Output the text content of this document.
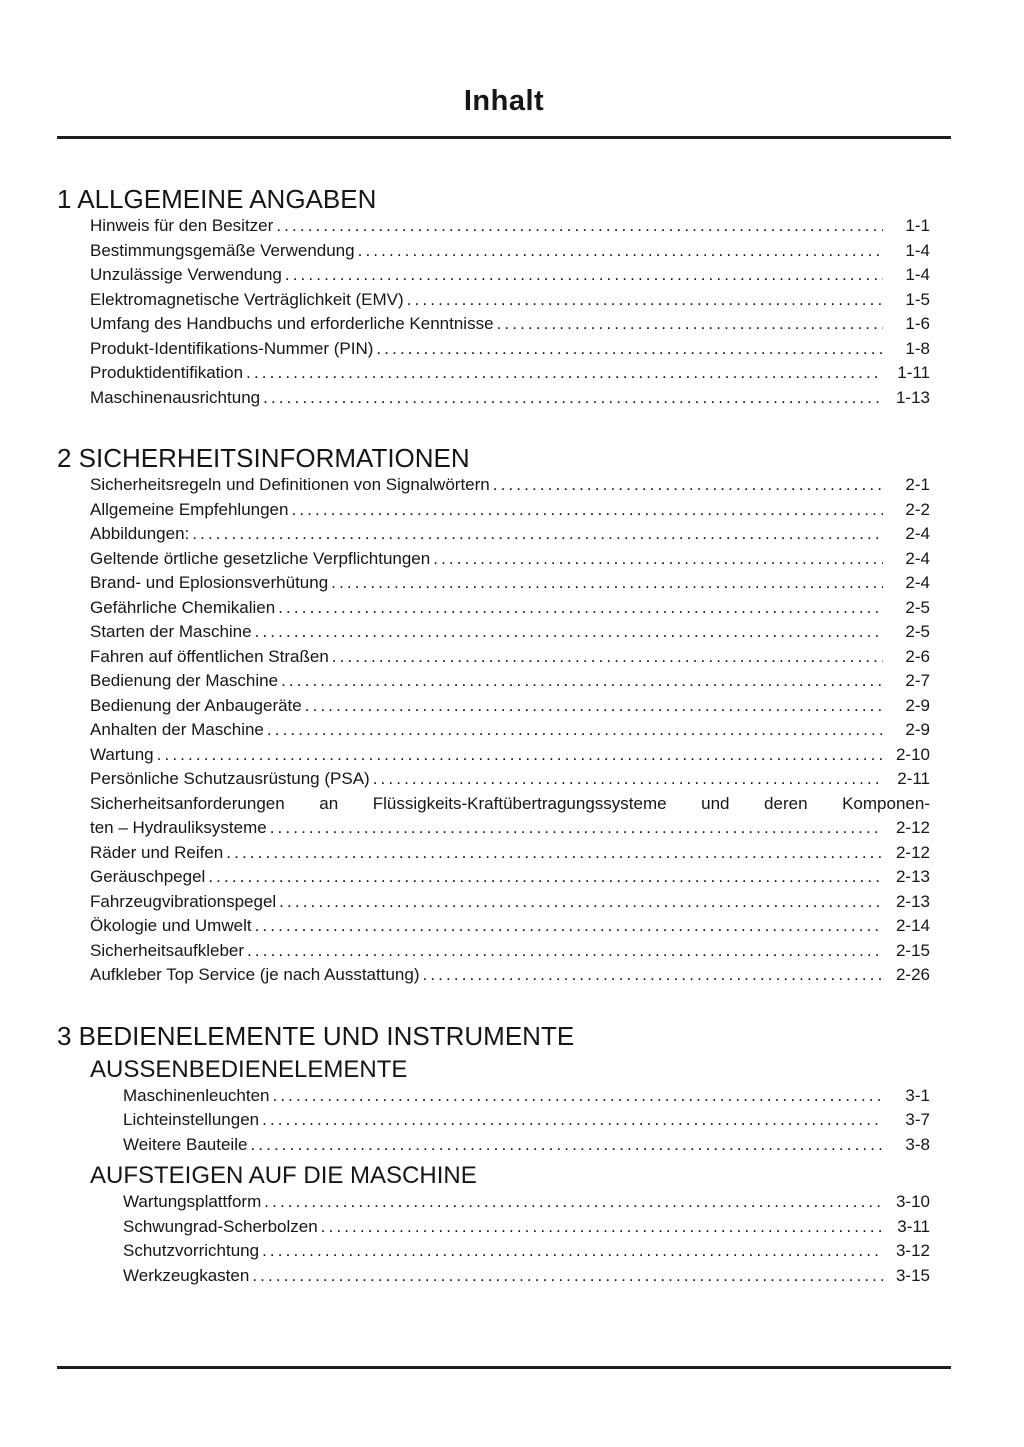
Inhalt
1 ALLGEMEINE ANGABEN
Hinweis für den Besitzer . . .	1-1
Bestimmungsgemäße Verwendung . . .	1-4
Unzulässige Verwendung . . .	1-4
Elektromagnetische Verträglichkeit (EMV) . . .	1-5
Umfang des Handbuchs und erforderliche Kenntnisse . . .	1-6
Produkt-Identifikations-Nummer (PIN) . . .	1-8
Produktidentifikation . . .	1-11
Maschinenausrichtung . . .	1-13
2 SICHERHEITSINFORMATIONEN
Sicherheitsregeln und Definitionen von Signalwörtern . . .	2-1
Allgemeine Empfehlungen . . .	2-2
Abbildungen: . . .	2-4
Geltende örtliche gesetzliche Verpflichtungen . . .	2-4
Brand- und Eplosionsverhütung . . .	2-4
Gefährliche Chemikalien . . .	2-5
Starten der Maschine . . .	2-5
Fahren auf öffentlichen Straßen . . .	2-6
Bedienung der Maschine . . .	2-7
Bedienung der Anbaugeräte . . .	2-9
Anhalten der Maschine . . .	2-9
Wartung . . .	2-10
Persönliche Schutzausrüstung (PSA) . . .	2-11
Sicherheitsanforderungen an Flüssigkeits-Kraftübertragungssysteme und deren Komponen-
ten – Hydrauliksysteme . . .	2-12
Räder und Reifen . . .	2-12
Geräuschpegel . . .	2-13
Fahrzeugvibrationspegel . . .	2-13
Ökologie und Umwelt . . .	2-14
Sicherheitsaufkleber . . .	2-15
Aufkleber Top Service (je nach Ausstattung) . . .	2-26
3 BEDIENELEMENTE UND INSTRUMENTE
AUSSENBEDIENELEMENTE
Maschinenleuchten . . .	3-1
Lichteinstellungen . . .	3-7
Weitere Bauteile . . .	3-8
AUFSTEIGEN AUF DIE MASCHINE
Wartungsplattform . . .	3-10
Schwungrad-Scherbolzen . . .	3-11
Schutzvorrichtung . . .	3-12
Werkzeugkasten . . .	3-15
